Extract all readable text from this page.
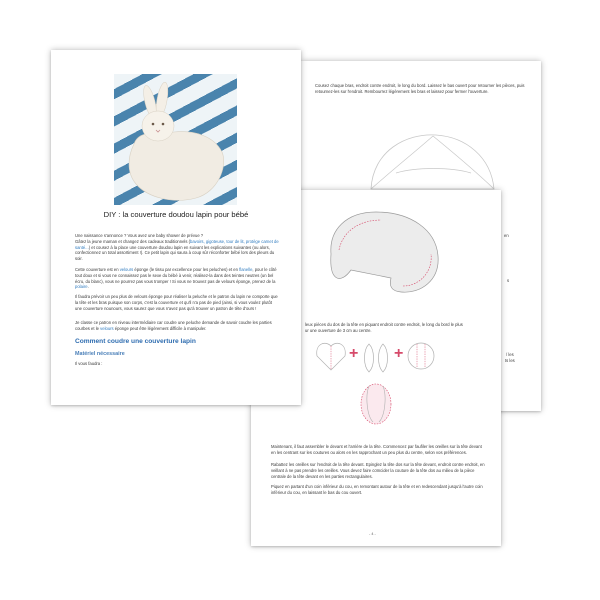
Cousez chaque bras, endroit contre endroit, le long du bord. Laissez le bas ouvert pour retourner les pièces, puis retournez-les sur l'endroit. Rembourrez légèrement les bras et laissez pour fermer l'ouverture.

en

s

/ les

ts les

leux pièces du dos de la tête en piquant endroit contre endroit, le long du bord le plus

ur une ouverture de 3 cm au centre.

+ +

Maintenant, il faut assembler le devant et l'arrière de la tête. Commencez par faufiler les oreilles sur la tête devant en les centrant sur les coutures ou alors en les rapprochant un peu plus du centre, selon vos préférences.

Rabattez les oreilles sur l'endroit de la tête devant. Epinglez la tête dos sur la tête devant, endroit contre endroit, en veillant à ne pas prendre les oreilles. Vous devez faire coïncider la couture de la tête dos au milieu de la pièce centrale de la tête devant en les parties rectangulaires.

Piquez en partant d'un coin inférieur du cou, en remontant autour de la tête et en redescendant jusqu'à l'autre coin inférieur du cou, en laissant le bas du cou ouvert.

- 4 -

DIY : la couverture doudou lapin pour bébé

Une naissance s'annonce ? Vous avez une baby shower de prévue ?
Gâtez la jeune maman et changez des cadeaux traditionnels (bavoirs, gigoteuse, tour de lit, protège carnet de santé...) et cousez à la place une couverture doudou lapin en suivant les explications suivantes (ou alors, confectionnez un total assortiment !). Ce petit lapin qui saura à coup sûr réconforter bébé lors des pleurs du soir.

Cette couverture est en velours éponge (le tissu par excellence pour les peluches) et en flanelle, pour le côté tout doux et si vous ne connaissez pas le sexe du bébé à venir, réalisez-la dans des teintes neutres (un bel écru, du blanc), vous ne pourrez pas vous tromper ! Si vous ne trouvez pas de velours éponge, prenez de la polaire.

Il faudra prévoir un peu plus de velours éponge pour réaliser la peluche et le patron du lapin ne comporte que la tête et les bras puisque son corps, c'est la couverture et qu'il n'a pas de pied (ainsi, si vous voulez plutôt une couverture nounours, vous saurez que vous n'avez pas qu'à trouver un patron de tête d'ours !

Je classe ce patron en niveau intermédiaire car coudre une peluche demande de savoir coudre les parties courbes et le velours éponge peut être légèrement difficile à manipuler.

Comment coudre une couverture lapin

Matériel nécessaire

Il vous faudra :
